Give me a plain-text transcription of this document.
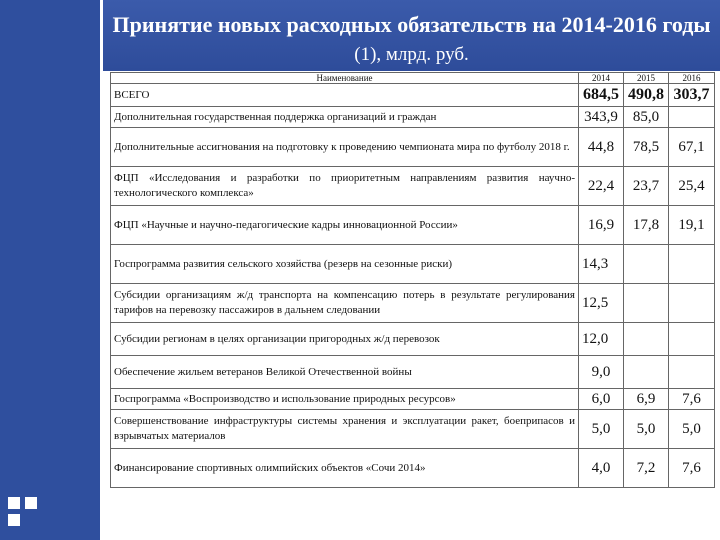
Принятие новых расходных обязательств на 2014-2016 годы (1), млрд. руб.
Наименование	2014	2015	2016
ВСЕГО	684,5	490,8	303,7
Дополнительная государственная поддержка организаций и граждан	343,9	85,0	
Дополнительные ассигнования на подготовку к проведению чемпионата мира по футболу 2018 г.	44,8	78,5	67,1
ФЦП «Исследования и разработки по приоритетным направлениям развития научно-технологического комплекса»	22,4	23,7	25,4
ФЦП «Научные и научно-педагогические кадры инновационной России»	16,9	17,8	19,1
Госпрограмма развития сельского хозяйства (резерв на сезонные риски)	14,3		
Субсидии организациям ж/д транспорта на компенсацию потерь в результате регулирования тарифов на перевозку пассажиров в дальнем следовании	12,5		
Субсидии регионам в целях организации пригородных ж/д перевозок	12,0		
Обеспечение жильем ветеранов Великой Отечественной войны	9,0		
Госпрограмма «Воспроизводство и использование природных ресурсов»	6,0	6,9	7,6
Совершенствование инфраструктуры системы хранения и эксплуатации ракет, боеприпасов и взрывчатых материалов	5,0	5,0	5,0
Финансирование спортивных олимпийских объектов «Сочи 2014»	4,0	7,2	7,6
